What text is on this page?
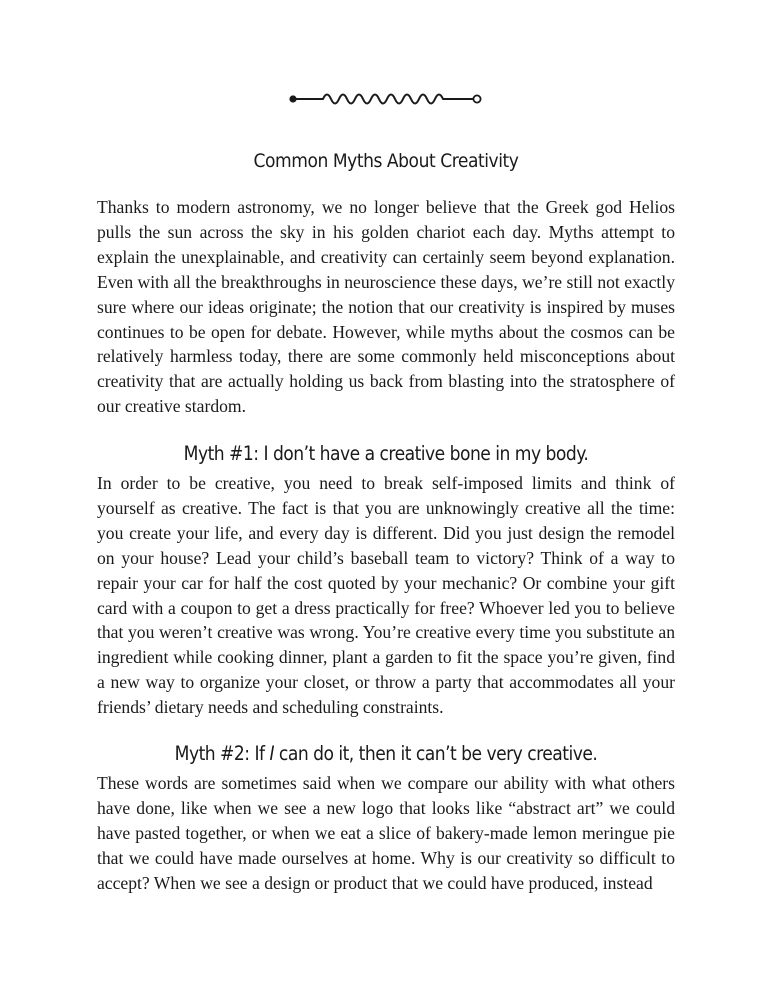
Common Myths About Creativity

Thanks to modern astronomy, we no longer believe that the Greek god Helios pulls the sun across the sky in his golden chariot each day. Myths attempt to explain the unexplainable, and creativity can certainly seem beyond explanation. Even with all the breakthroughs in neuroscience these days, we’re still not exactly sure where our ideas originate; the notion that our creativity is inspired by muses continues to be open for debate. However, while myths about the cosmos can be relatively harmless today, there are some commonly held misconceptions about creativity that are actually holding us back from blasting into the stratosphere of our creative stardom.

Myth #1: I don’t have a creative bone in my body.

In order to be creative, you need to break self-imposed limits and think of yourself as creative. The fact is that you are unknowingly creative all the time: you create your life, and every day is different. Did you just design the remodel on your house? Lead your child’s baseball team to victory? Think of a way to repair your car for half the cost quoted by your mechanic? Or combine your gift card with a coupon to get a dress practically for free? Whoever led you to believe that you weren’t creative was wrong. You’re creative every time you substitute an ingredient while cooking dinner, plant a garden to fit the space you’re given, find a new way to organize your closet, or throw a party that accommodates all your friends’ dietary needs and scheduling constraints.

Myth #2: If I can do it, then it can’t be very creative.

These words are sometimes said when we compare our ability with what others have done, like when we see a new logo that looks like “abstract art” we could have pasted together, or when we eat a slice of bakery-made lemon meringue pie that we could have made ourselves at home. Why is our creativity so difficult to accept? When we see a design or product that we could have produced, instead
